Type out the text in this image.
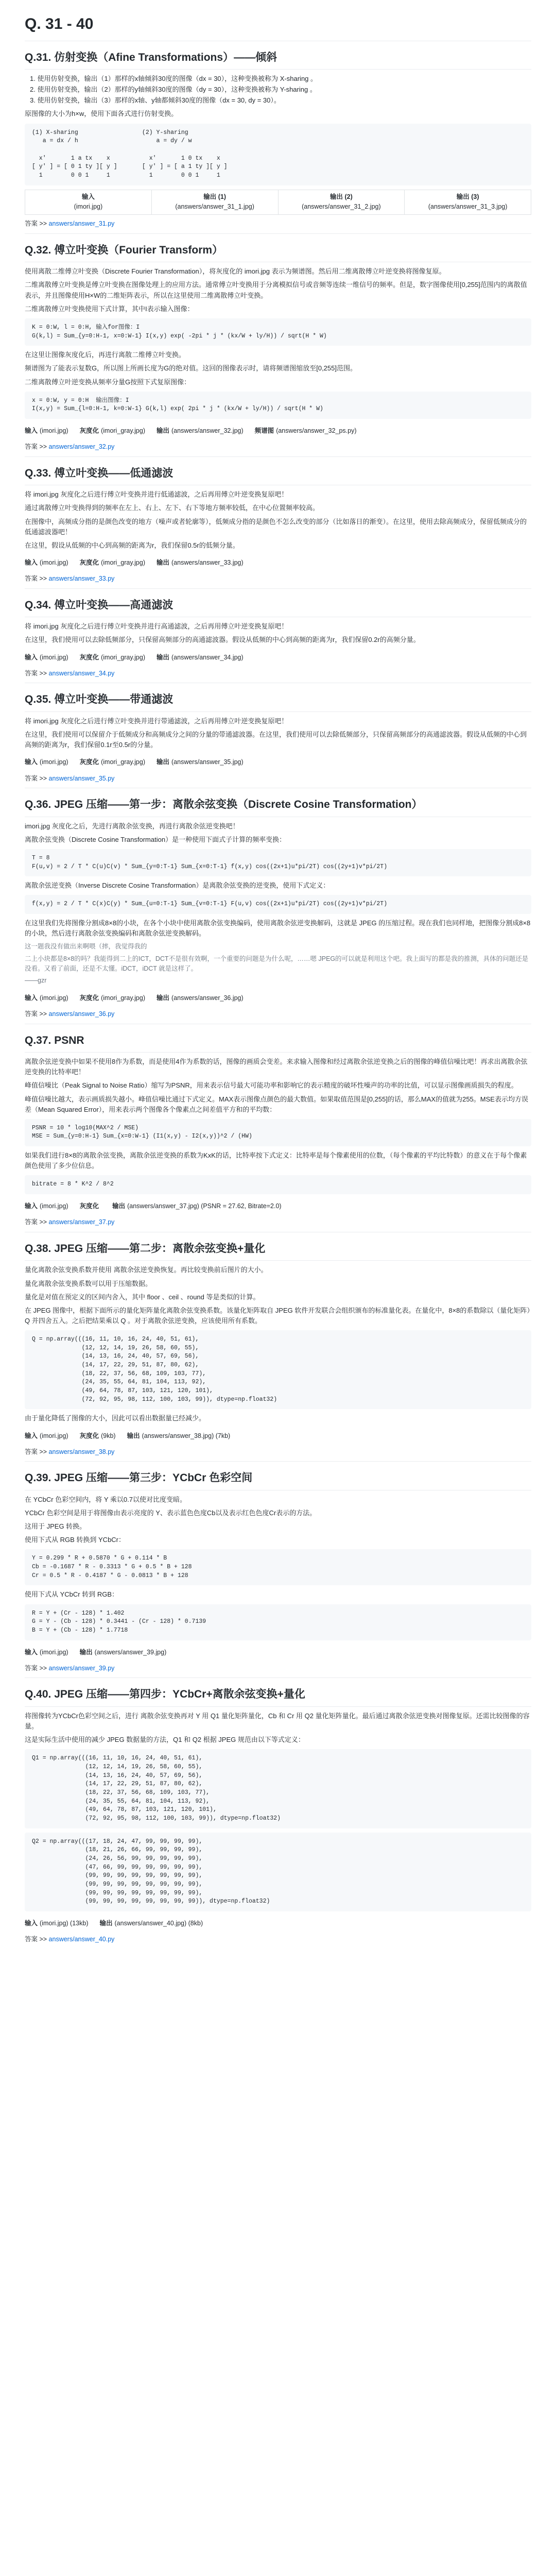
Q. 31 - 40
Q.31. 仿射变换（Afine Transformations）——倾斜
1. 使用仿射变换，输出（1）那样的x轴倾斜30度的图像（dx = 30），这种变换被称为 X-sharing 。
2. 使用仿射变换，输出（2）那样的y轴倾斜30度的图像（dy = 30），这种变换被称为 Y-sharing 。
3. 使用仿射变换，输出（3）那样的x轴、y轴都倾斜30度的图像（dx = 30, dy = 30）。

原图像的大小为h×w，使用下面各式进行仿射变换。

(1) X-sharing                  (2) Y-sharing
a = dx / h                      a = dy / w

x'       1 a tx    x           x'       1 0 tx    x
[ y' ] = [ 0 1 ty ][ y ]       [ y' ] = [ a 1 ty ][ y ]
1        0 0 1     1           1        0 0 1     1
输入
(imori.jpg)
输出 (1)
(answers/answer_31_1.jpg)
输出 (2)
(answers/answer_31_2.jpg)
输出 (3)
(answers/answer_31_3.jpg)

答案 >> answers/answer_31.py

Q.32. 傅立叶变换（Fourier Transform）

使用离散二维傅立叶变换（Discrete Fourier Transformation），将灰度化的 imori.jpg 表示为频谱图。然后用二维离散傅立叶逆变换将图像复原。

二维离散傅立叶变换是傅立叶变换在图像处理上的应用方法。通常傅立叶变换用于分离模拟信号或音频等连续一维信号的频率。但是，数字图像使用[0,255]范围内的离散值表示，并且图像使用H×W的二维矩阵表示，所以在这里使用二维离散傅立叶变换。

二维离散傅立叶变换使用下式计算，其中I表示输入图像：

K = 0:W, l = 0:H, 输入for图像：I
G(k,l) = Sum_{y=0:H-1, x=0:W-1} I(x,y) exp( -2pi * j * (kx/W + ly/H)) / sqrt(H * W)

在这里让图像灰度化后，再进行离散二维傅立叶变换。

频谱图为了能表示复数G，所以图上所画长度为G的绝对值。这回的图像表示时，请将频谱图缩放至[0,255]范围。

二维离散傅立叶逆变换从频率分量G按照下式复原图像：

x = 0:W, y = 0:H  输出图像：I
I(x,y) = Sum_{l=0:H-1, k=0:W-1} G(k,l) exp( 2pi * j * (kx/W + ly/H)) / sqrt(H * W)
输入 (imori.jpg) 灰度化 (imori_gray.jpg) 输出 (answers/answer_32.jpg) 频谱图 (answers/answer_32_ps.py)

答案 >> answers/answer_32.py

Q.33. 傅立叶变换——低通滤波

将 imori.jpg 灰度化之后进行傅立叶变换并进行低通滤波，之后再用傅立叶逆变换复原吧！

通过离散傅立叶变换得到的频率在左上、右上、左下、右下等地方频率较低，在中心位置频率较高。

在图像中，高频成分指的是颜色改变的地方（噪声或者轮廓等），低频成分指的是颜色不怎么改变的部分（比如落日的渐变）。在这里，使用去除高频成分，保留低频成分的低通滤波器吧！

在这里，假设从低频的中心到高频的距离为r，我们保留0.5r的低频分量。

输入 (imori.jpg) 灰度化 (imori_gray.jpg) 输出 (answers/answer_33.jpg)

答案 >> answers/answer_33.py

Q.34. 傅立叶变换——高通滤波

将 imori.jpg 灰度化之后进行傅立叶变换并进行高通滤波，之后再用傅立叶逆变换复原吧！

在这里，我们使用可以去除低频部分，只保留高频部分的高通滤波器。假设从低频的中心到高频的距离为r，我们保留0.2r的高频分量。

输入 (imori.jpg) 灰度化 (imori_gray.jpg) 输出 (answers/answer_34.jpg)

答案 >> answers/answer_34.py

Q.35. 傅立叶变换——带通滤波

将 imori.jpg 灰度化之后进行傅立叶变换并进行带通滤波，之后再用傅立叶逆变换复原吧！

在这里，我们使用可以保留介于低频成分和高频成分之间的分量的带通滤波器。在这里，我们使用可以去除低频部分，只保留高频部分的高通滤波器。假设从低频的中心到高频的距离为r，我们保留0.1r至0.5r的分量。

输入 (imori.jpg) 灰度化 (imori_gray.jpg) 输出 (answers/answer_35.jpg)

答案 >> answers/answer_35.py

Q.36. JPEG 压缩——第一步：离散余弦变换（Discrete Cosine Transformation）

imori.jpg 灰度化之后，先进行离散余弦变换，再进行离散余弦逆变换吧！

离散余弦变换（Discrete Cosine Transformation）是一种使用下面式子计算的频率变换：

T = 8
F(u,v) = 2 / T * C(u)C(v) * Sum_{y=0:T-1} Sum_{x=0:T-1} f(x,y) cos((2x+1)u*pi/2T) cos((2y+1)v*pi/2T)

离散余弦逆变换（Inverse Discrete Cosine Transformation）是离散余弦变换的逆变换，使用下式定义：

f(x,y) = 2 / T * C(x)C(y) * Sum_{u=0:T-1} Sum_{v=0:T-1} F(u,v) cos((2x+1)u*pi/2T) cos((2y+1)v*pi/2T)

在这里我们先将图像分割成8×8的小块，在各个小块中使用离散余弦变换编码，使用离散余弦逆变换解码，这就是 JPEG 的压缩过程。现在我们也同样地，把图像分割成8×8的小块，然后进行离散余弦变换编码和离散余弦逆变换解码。

这一题我没有做出来啊喂（摔，我觉得我的

二上小块都是8×8的吗？我能得到二上的ICT，DCT不是很有效啊，一个重要的问题是为什么呢，……嗯 JPEG的可以就是利用这个吧。我上面写的都是我的推测，具体的问题还是没看。又看了前面，还是不太懂。iDCT，iDCT 就是这样了。

——gzr

输入 (imori.jpg) 灰度化 (imori_gray.jpg) 输出 (answers/answer_36.jpg)

答案 >> answers/answer_36.py

Q.37. PSNR

离散余弦逆变换中如果不使用8作为系数，而是使用4作为系数的话，图像的画质会变差。来求输入图像和经过离散余弦逆变换之后的图像的峰值信噪比吧！再求出离散余弦逆变换的比特率吧！

峰值信噪比（Peak Signal to Noise Ratio）缩写为PSNR，用来表示信号最大可能功率和影响它的表示精度的破坏性噪声的功率的比值，可以显示图像画质损失的程度。

峰值信噪比越大，表示画质损失越小。峰值信噪比通过下式定义。MAX表示图像点颜色的最大数值。如果取值范围是[0,255]的话，那么MAX的值就为255。MSE表示均方误差（Mean Squared Error），用来表示两个图像各个像素点之间差值平方和的平均数：

PSNR = 10 * log10(MAX^2 / MSE)
MSE = Sum_{y=0:H-1} Sum_{x=0:W-1} (I1(x,y) - I2(x,y))^2 / (HW)

如果我们进行8×8的离散余弦变换，离散余弦逆变换的系数为KxK的话，比特率按下式定义：比特率是每个像素使用的位数，（每个像素的平均比特数）的意义在于每个像素颜色使用了多少位信息。

bitrate = 8 * K^2 / 8^2
输入 (imori.jpg) 灰度化	输出 (answers/answer_37.jpg) (PSNR = 27.62, Bitrate=2.0)

答案 >> answers/answer_37.py

Q.38. JPEG 压缩——第二步：离散余弦变换+量化

量化离散余弦变换系数并使用 离散余弦逆变换恢复。再比较变换前后图片的大小。

量化离散余弦变换系数可以用于压缩数据。

量化是对值在预定义的区间内舍入，其中 floor 、ceil 、round 等是类似的计算。

在 JPEG 图像中，根据下面所示的量化矩阵量化离散余弦变换系数。该量化矩阵取自 JPEG 软件开发联合会组织颁布的标准量化表。在量化中，8×8的系数除以（量化矩阵）Q 并四舍五入。之后把结果乘以 Q 。对于离散余弦逆变换，应该使用所有系数。

Q = np.array(((16, 11, 10, 16, 24, 40, 51, 61),
(12, 12, 14, 19, 26, 58, 60, 55),
(14, 13, 16, 24, 40, 57, 69, 56),
(14, 17, 22, 29, 51, 87, 80, 62),
(18, 22, 37, 56, 68, 109, 103, 77),
(24, 35, 55, 64, 81, 104, 113, 92),
(49, 64, 78, 87, 103, 121, 120, 101),
(72, 92, 95, 98, 112, 100, 103, 99)), dtype=np.float32)

由于量化降低了图像的大小，因此可以看出数据量已经减少。

输入 (imori.jpg) 灰度化 (9kb) 输出 (answers/answer_38.jpg) (7kb)

答案 >> answers/answer_38.py

Q.39. JPEG 压缩——第三步：YCbCr 色彩空间

在 YCbCr 色彩空间内，将 Y 乘以0.7以使对比度变暗。

YCbCr 色彩空间是用于将图像由表示亮度的 Y、表示蓝色色度Cb以及表示红色色度Cr表示的方法。

这用于 JPEG 转换。

使用下式从 RGB 转换到 YCbCr：

Y = 0.299 * R + 0.5870 * G + 0.114 * B
Cb = -0.1687 * R - 0.3313 * G + 0.5 * B + 128
Cr = 0.5 * R - 0.4187 * G - 0.0813 * B + 128

使用下式从 YCbCr 转到 RGB：

R = Y + (Cr - 128) * 1.402
G = Y - (Cb - 128) * 0.3441 - (Cr - 128) * 0.7139
B = Y + (Cb - 128) * 1.7718
输入 (imori.jpg) 输出 (answers/answer_39.jpg)

答案 >> answers/answer_39.py

Q.40. JPEG 压缩——第四步：YCbCr+离散余弦变换+量化

将图像转为YCbCr色彩空间之后，进行 离散余弦变换再对 Y 用 Q1 量化矩阵量化，Cb 和 Cr 用 Q2 量化矩阵量化。最后通过离散余弦逆变换对图像复原。还需比较图像的容量。

这是实际生活中使用的减少 JPEG 数据量的方法，Q1 和 Q2 根据 JPEG 规范由以下等式定义：

Q1 = np.array(((16, 11, 10, 16, 24, 40, 51, 61),
(12, 12, 14, 19, 26, 58, 60, 55),
(14, 13, 16, 24, 40, 57, 69, 56),
(14, 17, 22, 29, 51, 87, 80, 62),
(18, 22, 37, 56, 68, 109, 103, 77),
(24, 35, 55, 64, 81, 104, 113, 92),
(49, 64, 78, 87, 103, 121, 120, 101),
(72, 92, 95, 98, 112, 100, 103, 99)), dtype=np.float32)
Q2 = np.array(((17, 18, 24, 47, 99, 99, 99, 99),
(18, 21, 26, 66, 99, 99, 99, 99),
(24, 26, 56, 99, 99, 99, 99, 99),
(47, 66, 99, 99, 99, 99, 99, 99),
(99, 99, 99, 99, 99, 99, 99, 99),
(99, 99, 99, 99, 99, 99, 99, 99),
(99, 99, 99, 99, 99, 99, 99, 99),
(99, 99, 99, 99, 99, 99, 99, 99)), dtype=np.float32)
输入 (imori.jpg) (13kb) 输出 (answers/answer_40.jpg) (8kb)

答案 >> answers/answer_40.py
